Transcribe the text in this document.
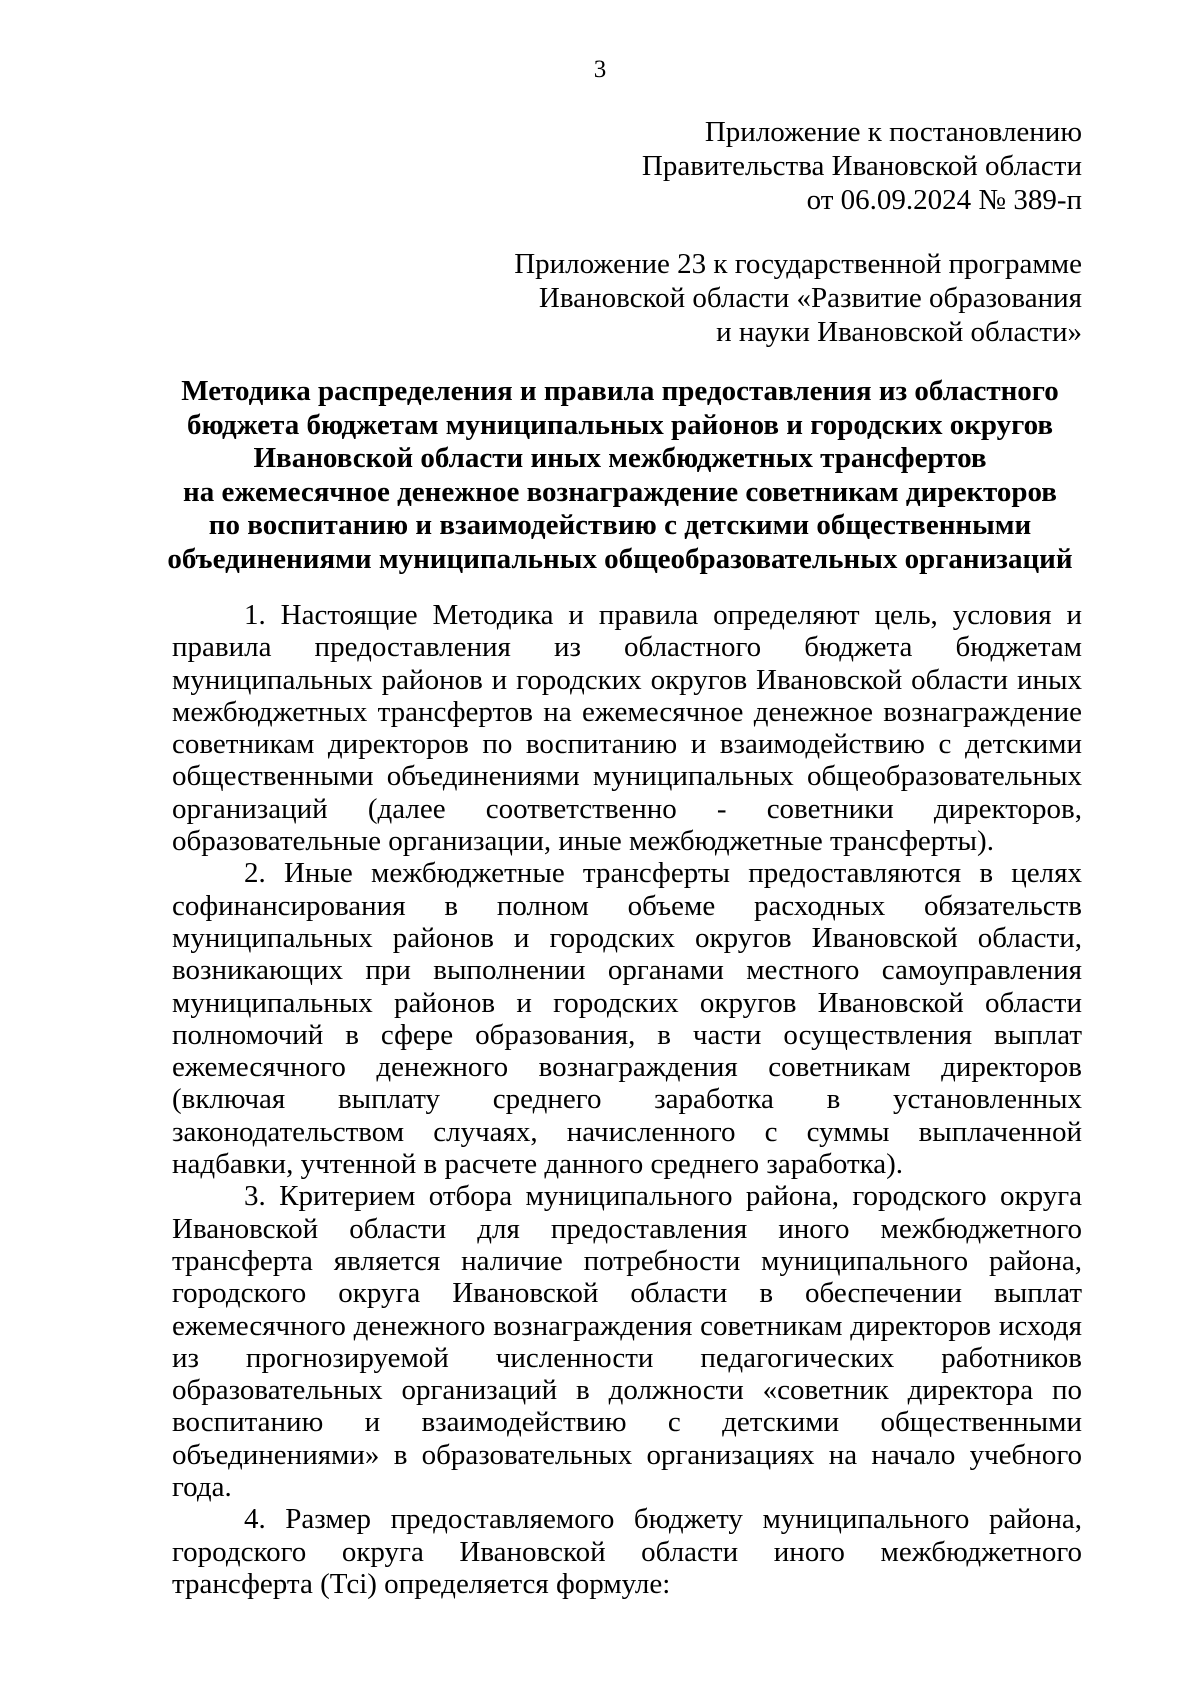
3

Приложение к постановлению

Правительства Ивановской области

от 06.09.2024 № 389-п

Приложение 23 к государственной программе

Ивановской области «Развитие образования

и науки Ивановской области»

Методика распределения и правила предоставления из областного

бюджета бюджетам муниципальных районов и городских округов

Ивановской области иных межбюджетных трансфертов

на ежемесячное денежное вознаграждение советникам директоров

по воспитанию и взаимодействию с детскими общественными

объединениями муниципальных общеобразовательных организаций

1. Настоящие Методика и правила определяют цель, условия и правила предоставления из областного бюджета бюджетам муниципальных районов и городских округов Ивановской области иных межбюджетных трансфертов на ежемесячное денежное вознаграждение советникам директоров по воспитанию и взаимодействию с детскими общественными объединениями муниципальных общеобразовательных организаций (далее соответственно - советники директоров, образовательные организации, иные межбюджетные трансферты).

2. Иные межбюджетные трансферты предоставляются в целях софинансирования в полном объеме расходных обязательств муниципальных районов и городских округов Ивановской области, возникающих при выполнении органами местного самоуправления муниципальных районов и городских округов Ивановской области полномочий в сфере образования, в части осуществления выплат ежемесячного денежного вознаграждения советникам директоров (включая выплату среднего заработка в установленных законодательством случаях, начисленного с суммы выплаченной надбавки, учтенной в расчете данного среднего заработка).

3. Критерием отбора муниципального района, городского округа Ивановской области для предоставления иного межбюджетного трансферта является наличие потребности муниципального района, городского округа Ивановской области в обеспечении выплат ежемесячного денежного вознаграждения советникам директоров исходя из прогнозируемой численности педагогических работников образовательных организаций в должности «советник директора по воспитанию и взаимодействию с детскими общественными объединениями» в образовательных организациях на начало учебного года.

4. Размер предоставляемого бюджету муниципального района, городского округа Ивановской области иного межбюджетного трансферта (Тсi) определяется формуле:
